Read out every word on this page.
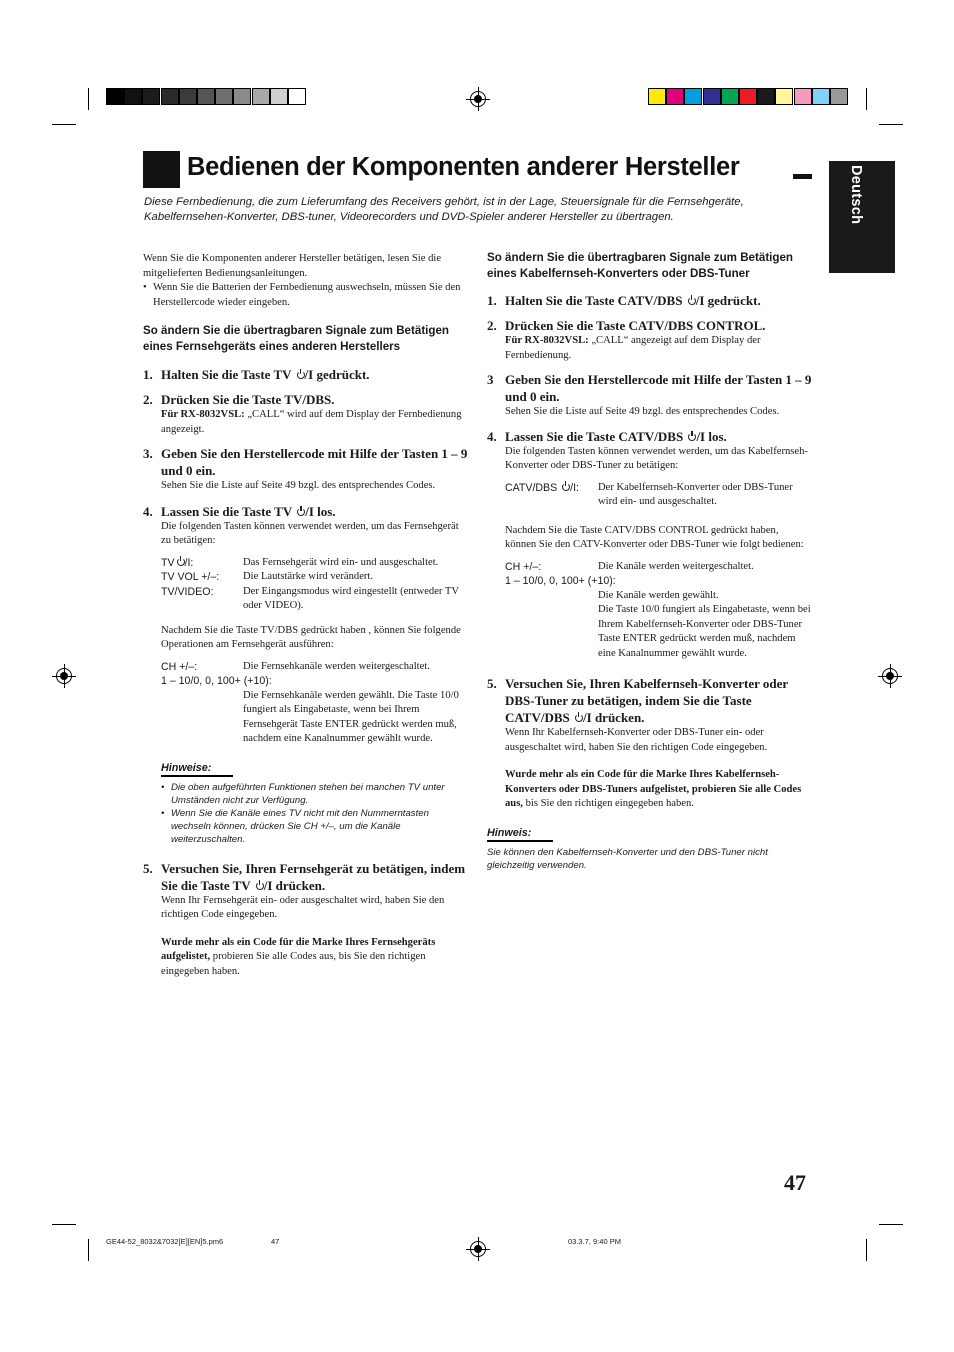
Bedienen der Komponenten anderer Hersteller
Diese Fernbedienung, die zum Lieferumfang des Receivers gehört, ist in der Lage, Steuersignale für die Fernsehgeräte, Kabelfernsehen-Konverter, DBS-tuner, Videorecorders und DVD-Spieler anderer Hersteller zu übertragen.	Deutsch
Wenn Sie die Komponenten anderer Hersteller betätigen, lesen Sie die mitgelieferten Bedienungsanleitungen.
• Wenn Sie die Batterien der Fernbedienung auswechseln, müssen Sie den Herstellercode wieder eingeben.
So ändern Sie die übertragbaren Signale zum Betätigen eines Fernsehgeräts eines anderen Herstellers
1. Halten Sie die Taste TV /I gedrückt.
2. Drücken Sie die Taste TV/DBS.
Für RX-8032VSL: „CALL“ wird auf dem Display der Fernbedienung angezeigt.
3. Geben Sie den Herstellercode mit Hilfe der Tasten 1 – 9 und 0 ein.
Sehen Sie die Liste auf Seite 49 bzgl. des entsprechendes Codes.
4. Lassen Sie die Taste TV /I los.
Die folgenden Tasten können verwendet werden, um das Fernsehgerät zu betätigen:
TV /I:	Das Fernsehgerät wird ein- und ausgeschaltet.
TV VOL +/–:	Die Lautstärke wird verändert.
TV/VIDEO:	Der Eingangsmodus wird eingestellt (entweder TV oder VIDEO).
Nachdem Sie die Taste TV/DBS gedrückt haben , können Sie folgende Operationen am Fernsehgerät ausführen:
CH +/–:	Die Fernsehkanäle werden weitergeschaltet.
1 – 10/0, 0, 100+ (+10):	
	Die Fernsehkanäle werden gewählt. Die Taste 10/0 fungiert als Eingabetaste, wenn bei Ihrem Fernsehgerät Taste ENTER gedrückt werden muß, nachdem eine Kanalnummer gewählt wurde.
Hinweise:
• Die oben aufgeführten Funktionen stehen bei manchen TV unter Umständen nicht zur Verfügung.
• Wenn Sie die Kanäle eines TV nicht mit den Nummerntasten wechseln können, drücken Sie CH +/–, um die Kanäle weiterzuschalten.
5. Versuchen Sie, Ihren Fernsehgerät zu betätigen, indem Sie die Taste TV /I drücken.
Wenn Ihr Fernsehgerät ein- oder ausgeschaltet wird, haben Sie den richtigen Code eingegeben.
Wurde mehr als ein Code für die Marke Ihres Fernsehgeräts aufgelistet, probieren Sie alle Codes aus, bis Sie den richtigen eingegeben haben.
So ändern Sie die übertragbaren Signale zum Betätigen eines Kabelfernseh-Konverters oder DBS-Tuner
1. Halten Sie die Taste CATV/DBS /I gedrückt.
2. Drücken Sie die Taste CATV/DBS CONTROL.
Für RX-8032VSL: „CALL“ angezeigt auf dem Display der Fernbedienung.
3 Geben Sie den Herstellercode mit Hilfe der Tasten 1 – 9 und 0 ein.
Sehen Sie die Liste auf Seite 49 bzgl. des entsprechendes Codes.
4. Lassen Sie die Taste CATV/DBS /I los.
Die folgenden Tasten können verwendet werden, um das Kabelfernseh-Konverter oder DBS-Tuner zu betätigen:
CATV/DBS /I:	Der Kabelfernseh-Konverter oder DBS-Tuner wird ein- und ausgeschaltet.
Nachdem Sie die Taste CATV/DBS CONTROL gedrückt haben, können Sie den CATV-Konverter oder DBS-Tuner wie folgt bedienen:
CH +/–:	Die Kanäle werden weitergeschaltet.
1 – 10/0, 0, 100+ (+10):	

	Die Kanäle werden gewählt.
Die Taste 10/0 fungiert als Eingabetaste, wenn bei Ihrem Kabelfernseh-Konverter oder DBS-Tuner Taste ENTER gedrückt werden muß, nachdem eine Kanalnummer gewählt wurde.
5. Versuchen Sie, Ihren Kabelfernseh-Konverter oder DBS-Tuner zu betätigen, indem Sie die Taste CATV/DBS /I drücken.
Wenn Ihr Kabelfernseh-Konverter oder DBS-Tuner ein- oder ausgeschaltet wird, haben Sie den richtigen Code eingegeben.
Wurde mehr als ein Code für die Marke Ihres Kabelfernseh-Konverters oder DBS-Tuners aufgelistet, probieren Sie alle Codes aus, bis Sie den richtigen eingegeben haben.
Hinweis:
Sie können den Kabelfernseh-Konverter und den DBS-Tuner nicht gleichzeitig verwenden.
47
GE44-52_8032&7032[E][EN]5.pm6	47	03.3.7, 9:40 PM
